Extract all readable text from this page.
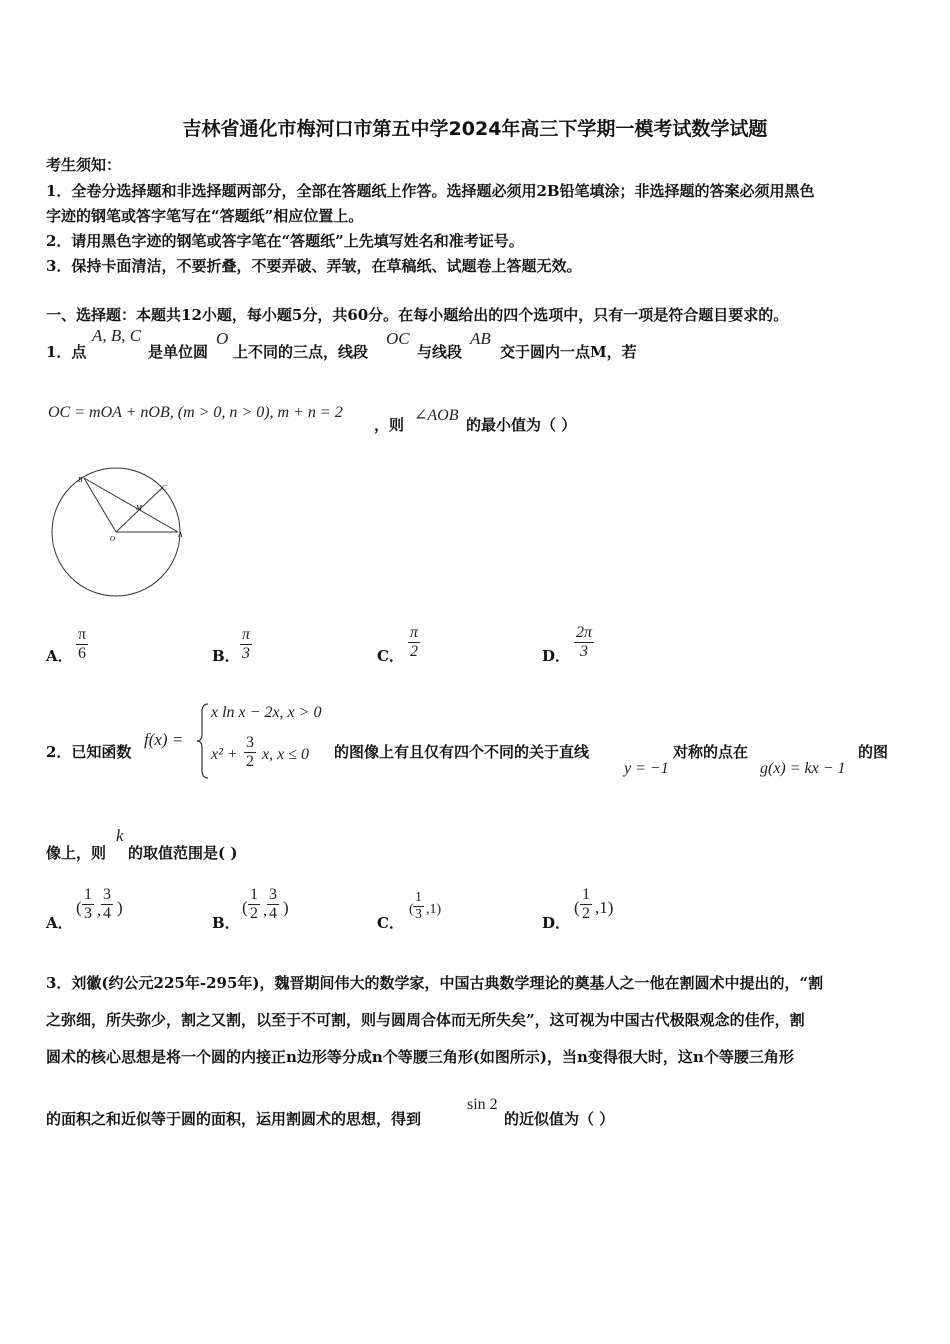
吉林省通化市梅河口市第五中学2024年高三下学期一模考试数学试题
考生须知：
1．全卷分选择题和非选择题两部分，全部在答题纸上作答。选择题必须用2B铅笔填涂；非选择题的答案必须用黑色
字迹的钢笔或答字笔写在“答题纸”相应位置上。
2．请用黑色字迹的钢笔或答字笔在“答题纸”上先填写姓名和准考证号。
3．保持卡面清洁，不要折叠，不要弄破、弄皱，在草稿纸、试题卷上答题无效。
一、选择题：本题共12小题，每小题5分，共60分。在每小题给出的四个选项中，只有一项是符合题目要求的。
1．点
A, B, C
是单位圆
O
上不同的三点，线段
OC
与线段
AB
交于圆内一点M，若
OC = mOA + nOB, (m > 0, n > 0), m + n = 2
，则
∠AOB
的最小值为（ ）
B
C
M
O	A
A．
π
6	B．
π
3	C．
π
2	D．
2π
3
2．已知函数
f(x) =
x ln x − 2x, x > 0
x² +
3
2 x, x ≤ 0 的图像上有且仅有四个不同的关于直线
y = −1
对称的点在
g(x) = kx − 1
的图
像上，则
k
的取值范围是( )
A．
(
1
3 ,
3
4 )
B．
(
1
2 ,
3
4 )
C．
(
1
3 ,1)
D．
(
1
2 ,1)
3．刘徽(约公元225年-295年)，魏晋期间伟大的数学家，中国古典数学理论的奠基人之一他在割圆术中提出的，“割
之弥细，所失弥少，割之又割，以至于不可割，则与圆周合体而无所失矣”，这可视为中国古代极限观念的佳作，割
圆术的核心思想是将一个圆的内接正n边形等分成n个等腰三角形(如图所示)，当n变得很大时，这n个等腰三角形
的面积之和近似等于圆的面积，运用割圆术的思想，得到
sin 2
的近似值为（ ）
